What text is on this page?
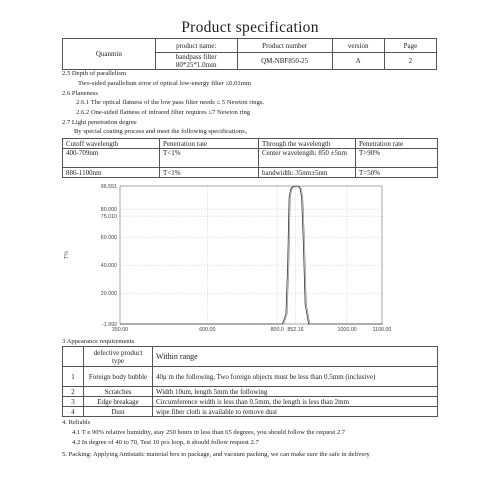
Product specification
Quanmin	product name:	Product number	version	Page

	bandpass filter
80*25*1.0mm	QM-NBF850-25	A	2
2.5 Depth of parallelism
Two-sided parallelism error of optical low-energy filter ≤0.01mm
2.6 Planeness
2.6.1 The optical flatness of the low pass filter needs ≤ 5 Newton rings.
2.6.2 One-sided flatness of infrared filter requires ≤7 Newton ring
2.7 Light penetration degree
By special coating process and meet the following specifications。
Cutoff wavelength	Penetration rate	Through the wavelength	Penetration rate
400-709nm	T<1%	Center wavelength: 850 ±5nm	T>90%
886-1100nm	T<1%	bandwidth: 35nm±5nm	T=50%
96.551
80.000
75.010
60.000
40.000
20.000
-1.992
350.00	600.00	800.0 852.16	1000.00	1100.00
T%
3 Appearance requirements
	defective product type	Within range
1	Foreign body bubble	40μ m the following, Two foreign objects must be less than 0.5mm (inclusive)
2	Scratches	Width 10um, length 5mm the following
3	Edge breakage	Circumference width is less than 0.5mm, the length is less than 2mm
4	Dust	wipe fiber cloth is available to remove dust
4. Reliabls
4.1 T e 90% relative humidity, stay 250 hours in less than 65 degrees, you should follow the request 2.7
4.2 In degree of 40 to 70, Test 10 pcs loop, it should follow request 2.7
5. Packing: Applying Antistatic material box to package, and vacuum packing, we can make sure the safe in delivery
